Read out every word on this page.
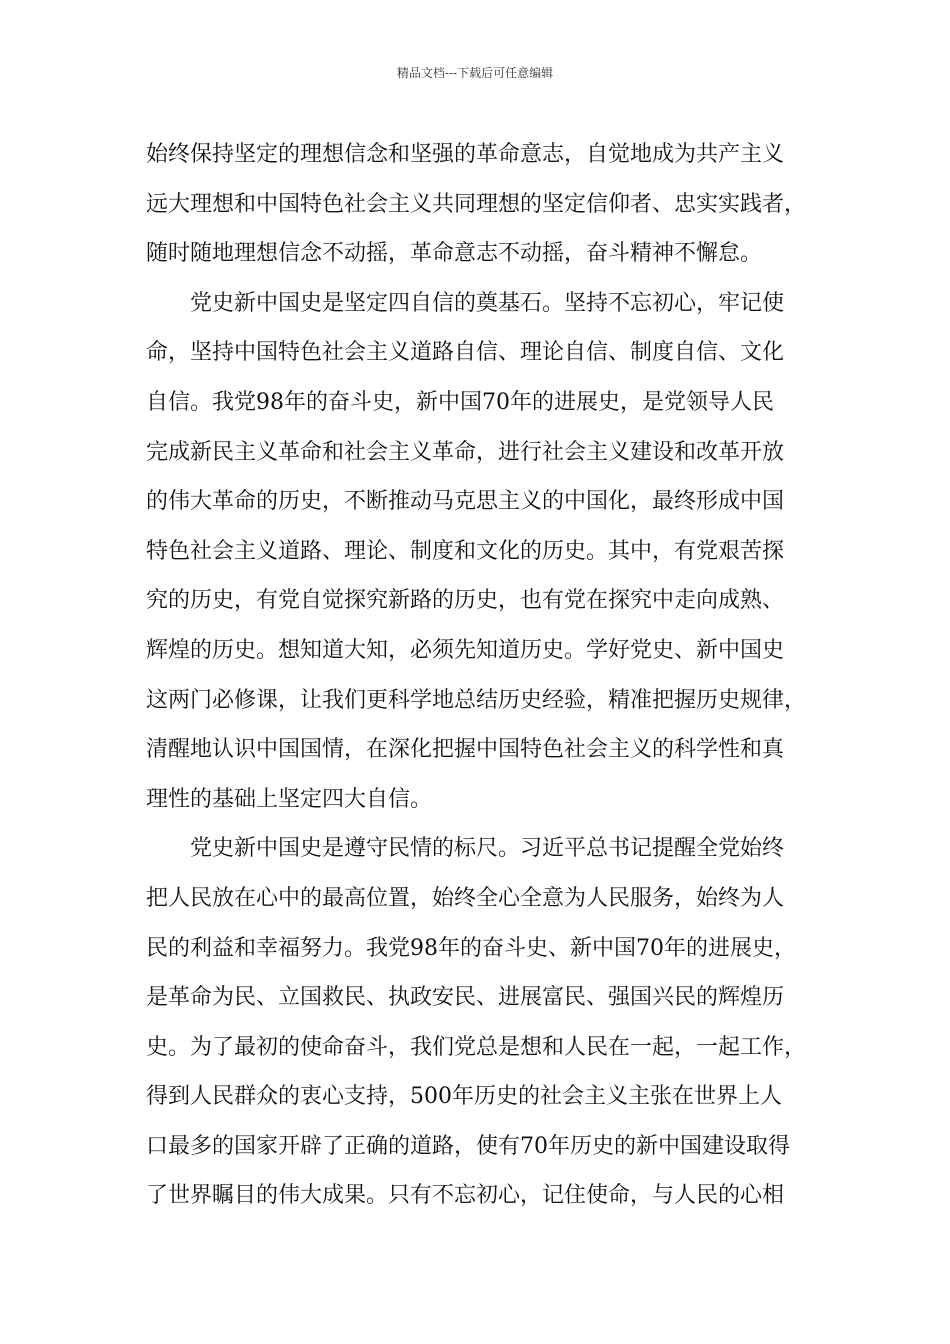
精品文档---下载后可任意编辑
始终保持坚定的理想信念和坚强的革命意志，自觉地成为共产主义
远大理想和中国特色社会主义共同理想的坚定信仰者、忠实实践者，
随时随地理想信念不动摇，革命意志不动摇，奋斗精神不懈怠。
党史新中国史是坚定四自信的奠基石。坚持不忘初心，牢记使
命，坚持中国特色社会主义道路自信、理论自信、制度自信、文化
自信。我党98年的奋斗史，新中国70年的进展史，是党领导人民
完成新民主义革命和社会主义革命，进行社会主义建设和改革开放
的伟大革命的历史，不断推动马克思主义的中国化，最终形成中国
特色社会主义道路、理论、制度和文化的历史。其中，有党艰苦探
究的历史，有党自觉探究新路的历史，也有党在探究中走向成熟、
辉煌的历史。想知道大知，必须先知道历史。学好党史、新中国史
这两门必修课，让我们更科学地总结历史经验，精准把握历史规律，
清醒地认识中国国情，在深化把握中国特色社会主义的科学性和真
理性的基础上坚定四大自信。
党史新中国史是遵守民情的标尺。习近平总书记提醒全党始终
把人民放在心中的最高位置，始终全心全意为人民服务，始终为人
民的利益和幸福努力。我党98年的奋斗史、新中国70年的进展史，
是革命为民、立国救民、执政安民、进展富民、强国兴民的辉煌历
史。为了最初的使命奋斗，我们党总是想和人民在一起，一起工作，
得到人民群众的衷心支持，500年历史的社会主义主张在世界上人
口最多的国家开辟了正确的道路，使有70年历史的新中国建设取得
了世界瞩目的伟大成果。只有不忘初心，记住使命，与人民的心相
